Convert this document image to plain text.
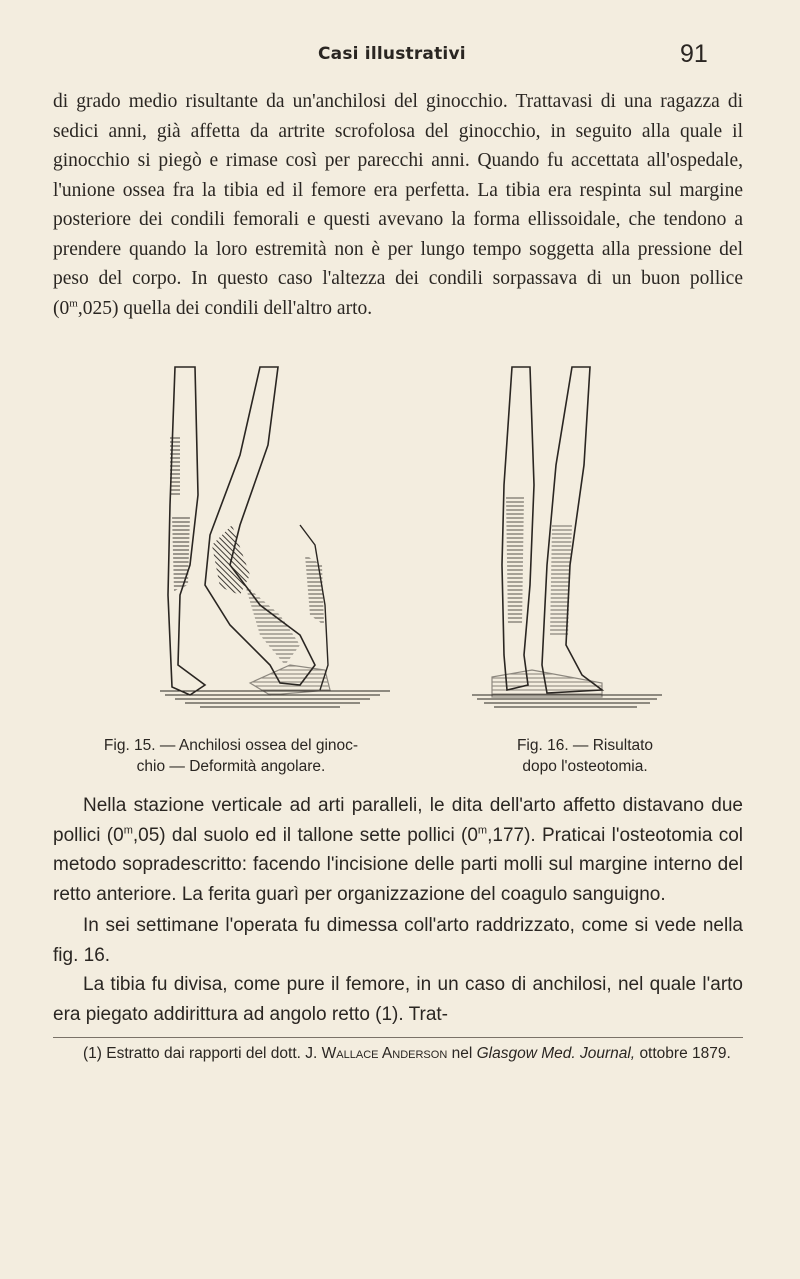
Casi illustrativi	91

di grado medio risultante da un'anchilosi del ginocchio. Trattavasi di una ragazza di sedici anni, già affetta da artrite scrofolosa del ginocchio, in seguito alla quale il ginocchio si piegò e rimase così per parecchi anni. Quando fu accettata all'ospedale, l'unione ossea fra la tibia ed il femore era perfetta. La tibia era respinta sul margine posteriore dei condili femorali e questi avevano la forma ellissoidale, che tendono a prendere quando la loro estremità non è per lungo tempo soggetta alla pressione del peso del corpo. In questo caso l'altezza dei condili sorpassava di un buon pollice (0$^m$,025) quella dei condili dell'altro arto.

Fig. 15. — Anchilosi ossea del ginoc-
chio — Deformità angolare.
Fig. 16. — Risultato
dopo l'osteotomia.

Nella stazione verticale ad arti paralleli, le dita dell'arto affetto distavano due pollici (0$^m$,05) dal suolo ed il tallone sette pollici (0$^m$,177). Praticai l'osteotomia col metodo sopradescritto: facendo l'incisione delle parti molli sul margine interno del retto anteriore. La ferita guarì per organizzazione del coagulo sanguigno.

In sei settimane l'operata fu dimessa coll'arto raddrizzato, come si vede nella fig. 16.

La tibia fu divisa, come pure il femore, in un caso di anchilosi, nel quale l'arto era piegato addirittura ad angolo retto (1). Trat-

(1) Estratto dai rapporti del dott. J. Wallace Anderson nel Glasgow Med. Journal, ottobre 1879.
